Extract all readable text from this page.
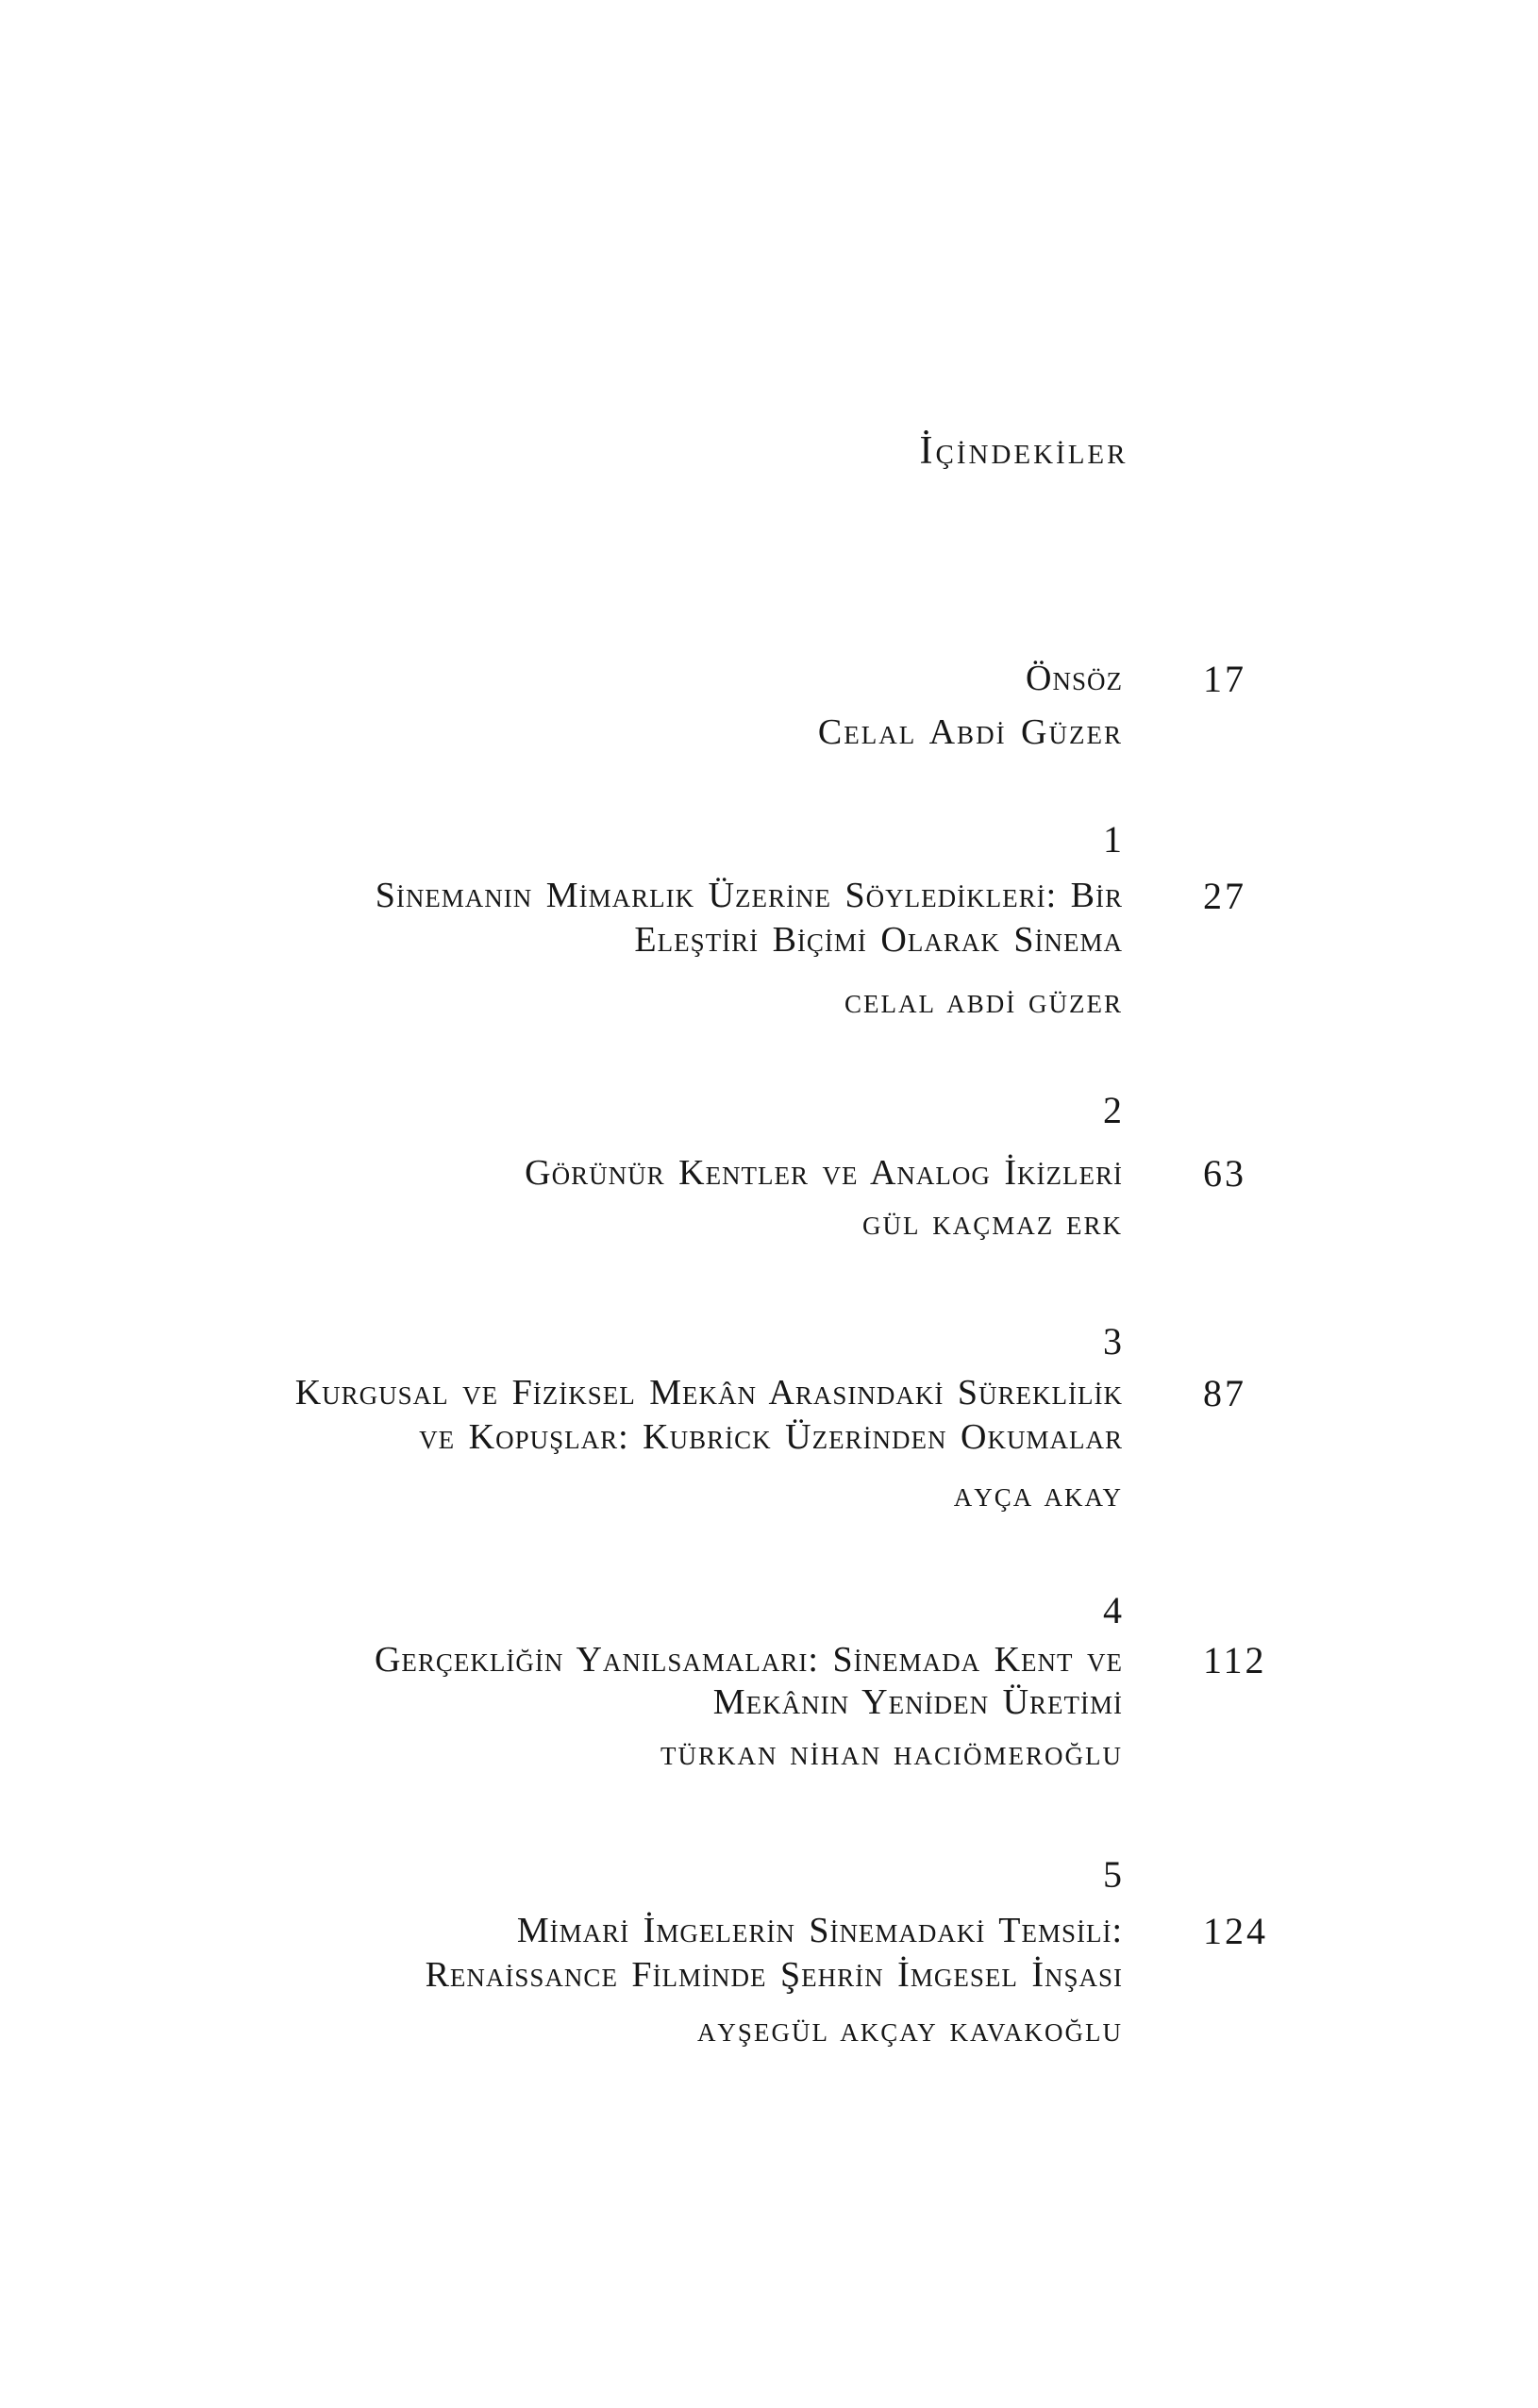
İçindekiler
Önsöz 17
Celal Abdi Güzer
1
Sinemanın Mimarlık Üzerine Söyledikleri: Bir 27
Eleştiri Biçimi Olarak Sinema
Celal Abdi Güzer
2
Görünür Kentler ve Analog İkizleri 63
Gül Kaçmaz Erk
3
Kurgusal ve Fiziksel Mekân Arasındaki Süreklilik 87
ve Kopuşlar: Kubrick Üzerinden Okumalar
Ayça Akay
4
Gerçekliğin Yanılsamaları: Sinemada Kent ve 112
Mekânın Yeniden Üretimi
Türkan Nihan Hacıömeroğlu
5
Mimari İmgelerin Sinemadaki Temsili: 124
Renaissance Filminde Şehrin İmgesel İnşası
Ayşegül Akçay Kavakoğlu
